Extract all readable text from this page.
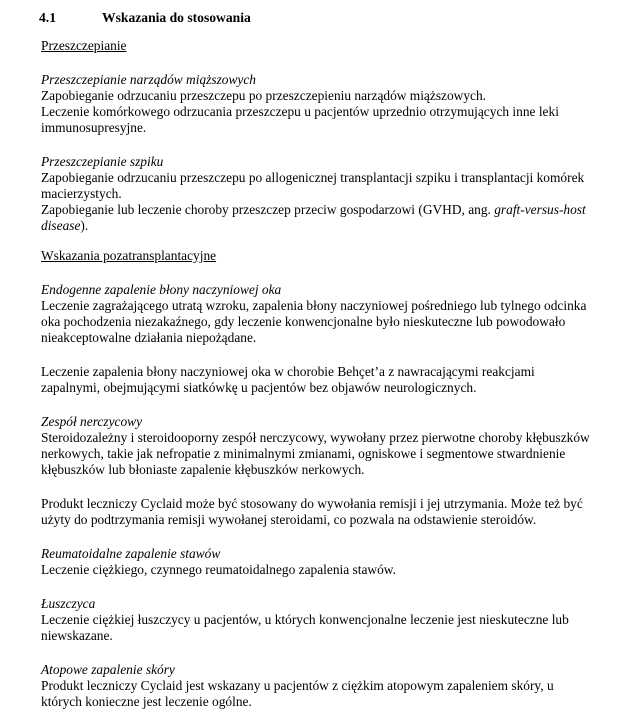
4.1	Wskazania do stosowania
Przeszczepianie
Przeszczepianie narządów miąższowych
Zapobieganie odrzucaniu przeszczepu po przeszczepieniu narządów miąższowych.
Leczenie komórkowego odrzucania przeszczepu u pacjentów uprzednio otrzymujących inne leki
immunosupresyjne.
Przeszczepianie szpiku
Zapobieganie odrzucaniu przeszczepu po allogenicznej transplantacji szpiku i transplantacji komórek
macierzystych.
Zapobieganie lub leczenie choroby przeszczep przeciw gospodarzowi (GVHD, ang. graft-versus-host
disease).
Wskazania pozatransplantacyjne
Endogenne zapalenie błony naczyniowej oka
Leczenie zagrażającego utratą wzroku, zapalenia błony naczyniowej pośredniego lub tylnego odcinka
oka pochodzenia niezakaźnego, gdy leczenie konwencjonalne było nieskuteczne lub powodowało
nieakceptowalne działania niepożądane.
Leczenie zapalenia błony naczyniowej oka w chorobie Behçet’a z nawracającymi reakcjami
zapalnymi, obejmującymi siatkówkę u pacjentów bez objawów neurologicznych.
Zespół nerczycowy
Steroidozależny i steroidooporny zespół nerczycowy, wywołany przez pierwotne choroby kłębuszków
nerkowych, takie jak nefropatie z minimalnymi zmianami, ogniskowe i segmentowe stwardnienie
kłębuszków lub błoniaste zapalenie kłębuszków nerkowych.
Produkt leczniczy Cyclaid może być stosowany do wywołania remisji i jej utrzymania. Może też być
użyty do podtrzymania remisji wywołanej steroidami, co pozwala na odstawienie steroidów.
Reumatoidalne zapalenie stawów
Leczenie ciężkiego, czynnego reumatoidalnego zapalenia stawów.
Łuszczyca
Leczenie ciężkiej łuszczycy u pacjentów, u których konwencjonalne leczenie jest nieskuteczne lub
niewskazane.
Atopowe zapalenie skóry
Produkt leczniczy Cyclaid jest wskazany u pacjentów z ciężkim atopowym zapaleniem skóry, u
których konieczne jest leczenie ogólne.
